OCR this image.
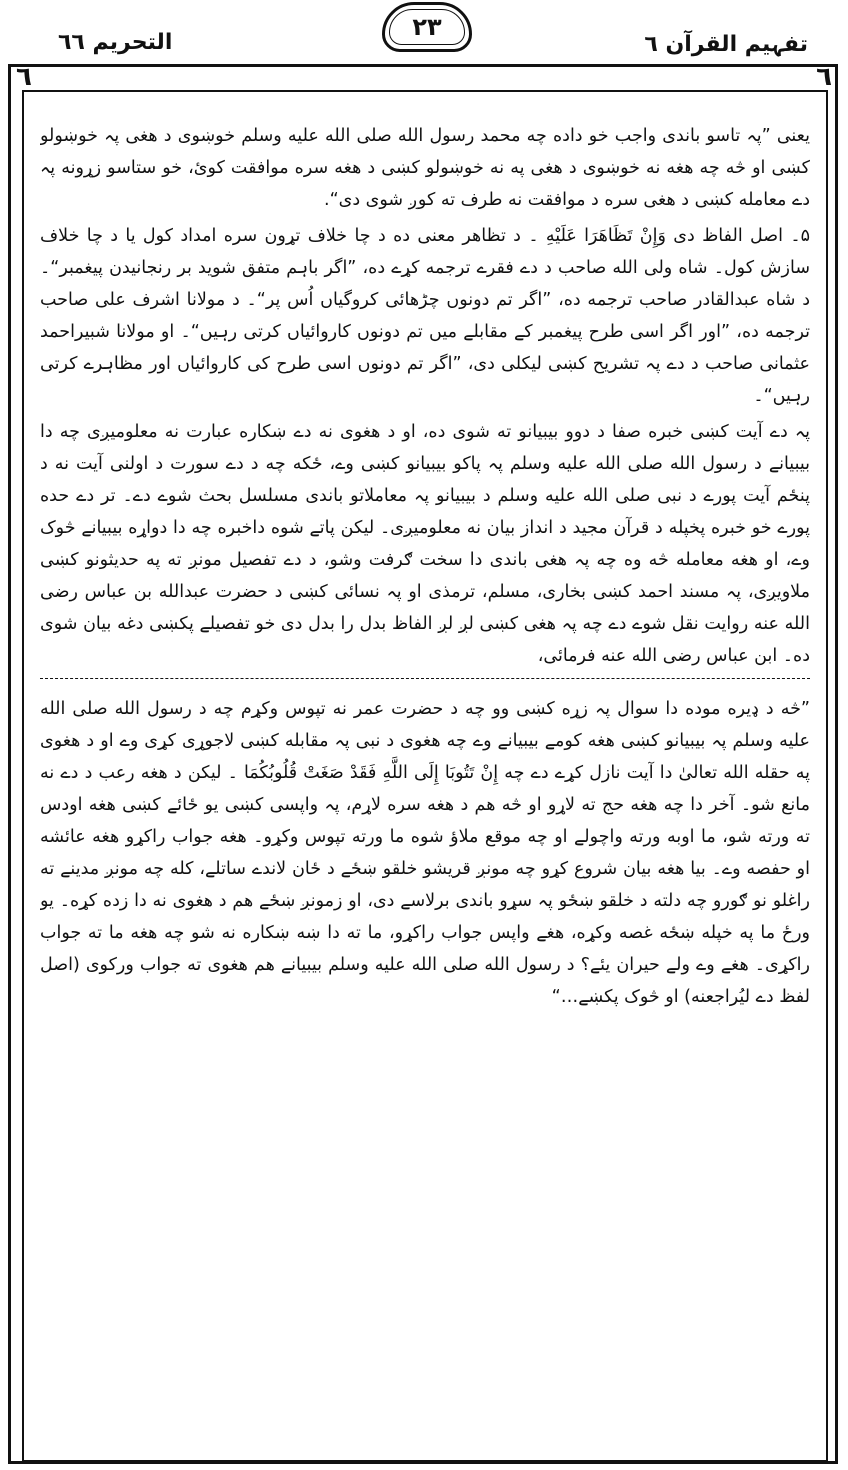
التحریم ٦٦
٢٣
تفہیم القرآن ٦
٦	٦

یعنی ”پہ تاسو باندی واجب خو داده چه محمد رسول الله صلی الله علیه وسلم خوښوی د هغی پہ خوښولو کښی او څه چه هغه نه خوښوی د هغی په نه خوښولو کښی د هغه سره موافقت کوئ، خو ستاسو زړونه پہ دے معامله کښی د هغی سره د موافقت نه طرف ته کوږ شوی دی“.

۵۔ اصل الفاظ دی وَإِنْ تَظَاهَرَا عَلَیْهِ ۔ د تظاهر معنی ده د چا خلاف تړون سره امداد کول یا د چا خلاف سازش کول۔ شاه ولی الله صاحب د دے فقرے ترجمه کړے ده، ”اگر باہم متفق شوید بر رنجانیدن پیغمبر“۔ د شاه عبدالقادر صاحب ترجمه ده، ”اگر تم دونوں چڑھائی کروگیاں اُس پر“۔ د مولانا اشرف علی صاحب ترجمه ده، ”اور اگر اسی طرح پیغمبر کے مقابلے میں تم دونوں کاروائیاں کرتی رہیں“۔ او مولانا شبیراحمد عثمانی صاحب د دے پہ تشریح کښی لیکلی دی، ”اگر تم دونوں اسی طرح کی کاروائیاں اور مظاہرے کرتی رہیں“۔

پہ دے آیت کښی خبره صفا د دوو بیبیانو ته شوی ده، او د هغوی نه دے ښکاره عبارت نه معلومیږی چه دا بیبیانے د رسول الله صلی الله علیه وسلم پہ پاکو بیبیانو کښی وے، ځکه چه د دے سورت د اولنی آیت نه د پنځم آیت پورے د نبی صلی الله علیه وسلم د بیبیانو پہ معاملاتو باندی مسلسل بحث شوے دے۔ تر دے حده پورے خو خبره پخپله د قرآن مجید د انداز بیان نه معلومیږی۔ لیکن پاتے شوه داخبره چه دا دواړه بیبیانے څوک وے، او هغه معامله څه وه چه پہ هغی باندی دا سخت ګرفت وشو، د دے تفصیل مونږ ته په حدیثونو کښی ملاویږی، پہ مسند احمد کښی بخاری، مسلم، ترمذی او پہ نسائی کښی د حضرت عبدالله بن عباس رضی الله عنه روایت نقل شوے دے چه پہ هغی کښی لږ لږ الفاظ بدل را بدل دی خو تفصیلے پکښی دغه بیان شوی ده۔ ابن عباس رضی الله عنه فرمائی،

”څه د ډیره موده دا سوال پہ زړه کښی وو چه د حضرت عمر نه تپوس وکړم چه د رسول الله صلی الله علیه وسلم پہ بیبیانو کښی هغه کومے بیبیانے وے چه هغوی د نبی پہ مقابله کښی لاجوړی کړی وے او د هغوی په حقله الله تعالیٰ دا آیت نازل کړے دے چه إِنْ تَتُوبَا إِلَى اللَّهِ فَقَدْ صَغَتْ قُلُوبُكُمَا ۔ لیکن د هغه رعب د دے نه مانع شو۔ آخر دا چه هغه حج ته لاړو او څه هم د هغه سره لاړم، پہ واپسی کښی یو ځائے کښی هغه اودس ته ورته شو، ما اوبه ورته واچولے او چه موقع ملاؤ شوه ما ورته تپوس وکړو۔ هغه جواب راکړو هغه عائشه او حفصه وے۔ بیا هغه بیان شروع کړو چه مونږ قریشو خلقو ښځے د ځان لاندے ساتلے، کله چه مونږ مدینے ته راغلو نو ګورو چه دلته د خلقو ښځو پہ سړو باندی برلاسے دی، او زمونږ ښځے هم د هغوی نه دا زده کړه۔ یو ورځ ما په خپله ښځه غصه وکړه، هغے واپس جواب راکړو، ما ته دا ښه ښکاره نه شو چه هغه ما ته جواب راکړی۔ هغے وے ولے حیران یئے؟ د رسول الله صلی الله علیه وسلم بیبیانے هم هغوی ته جواب ورکوی (اصل لفظ دے لیُراجعنه) او څوک پکښے…“
